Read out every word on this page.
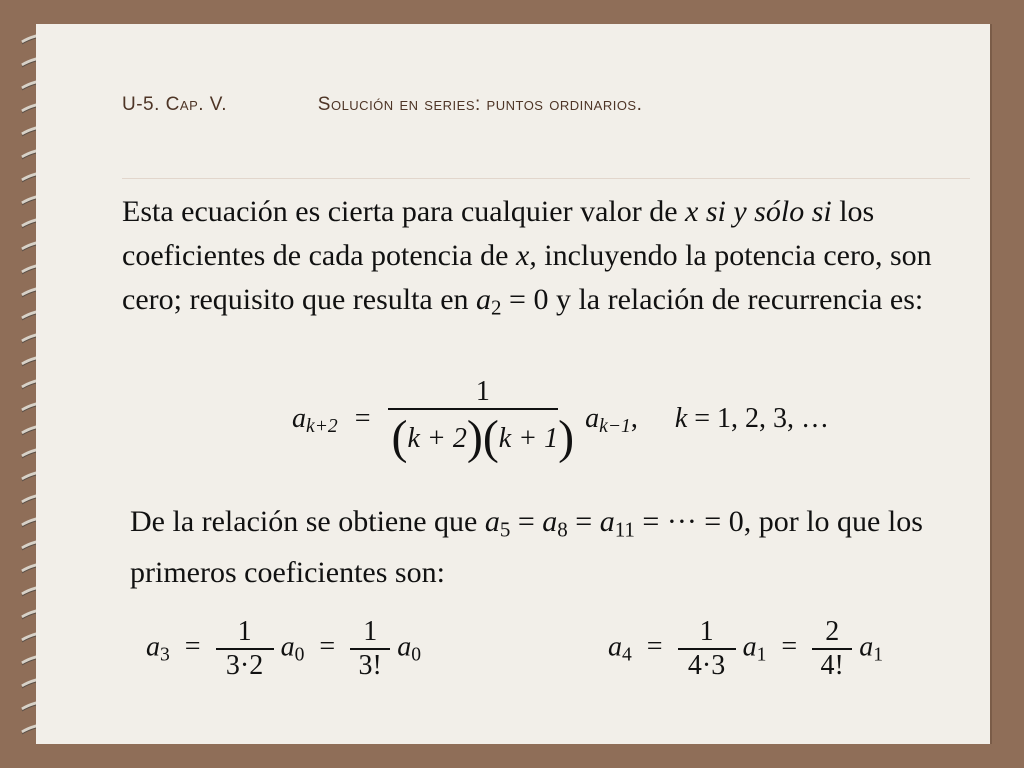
U-5. Cap. V.	Solución en series: puntos ordinarios.
Esta ecuación es cierta para cualquier valor de x si y sólo si los coeficientes de cada potencia de x, incluyendo la potencia cero, son cero; requisito que resulta en $a_2 = 0$ y la relación de recurrencia es:
$a_{k+2} = \frac{1}{(k + 2)(k + 1)} a_{k-1}$, k = 1, 2, 3, …
De la relación se obtiene que $a_5 = a_8 = a_{11}$ = ··· = 0, por lo que los primeros coeficientes son:
$a_3 = \frac{1}{3\cdot 2} a_0 = \frac{1}{3!} a_0$	$a_4 = \frac{1}{4\cdot 3} a_1 = \frac{2}{4!} a_1$
